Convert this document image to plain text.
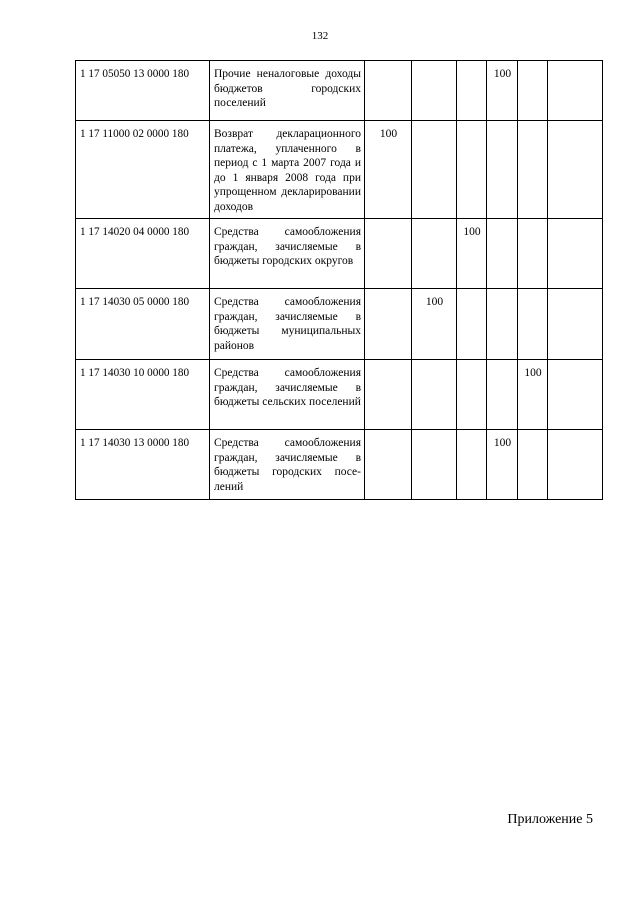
132
1 17 05050 13 0000 180	Прочие неналоговые доходы бюджетов городских поселений				100		
1 17 11000 02 0000 180	Возврат декларационного платежа, уплаченного в период с 1 марта 2007 года и до 1 января 2008 года при упрощенном декларировании доходов	100					
1 17 14020 04 0000 180	Средства самообложения граждан, зачисляемые в бюджеты городских округов			100			
1 17 14030 05 0000 180	Средства самообложения граждан, зачисляемые в бюджеты муниципальных районов		100				
1 17 14030 10 0000 180	Средства самообложения граждан, зачисляемые в бюджеты сельских поселений					100	
1 17 14030 13 0000 180	Средства самообложения граждан, зачисляемые в бюджеты городских поселений				100		
Приложение 5
